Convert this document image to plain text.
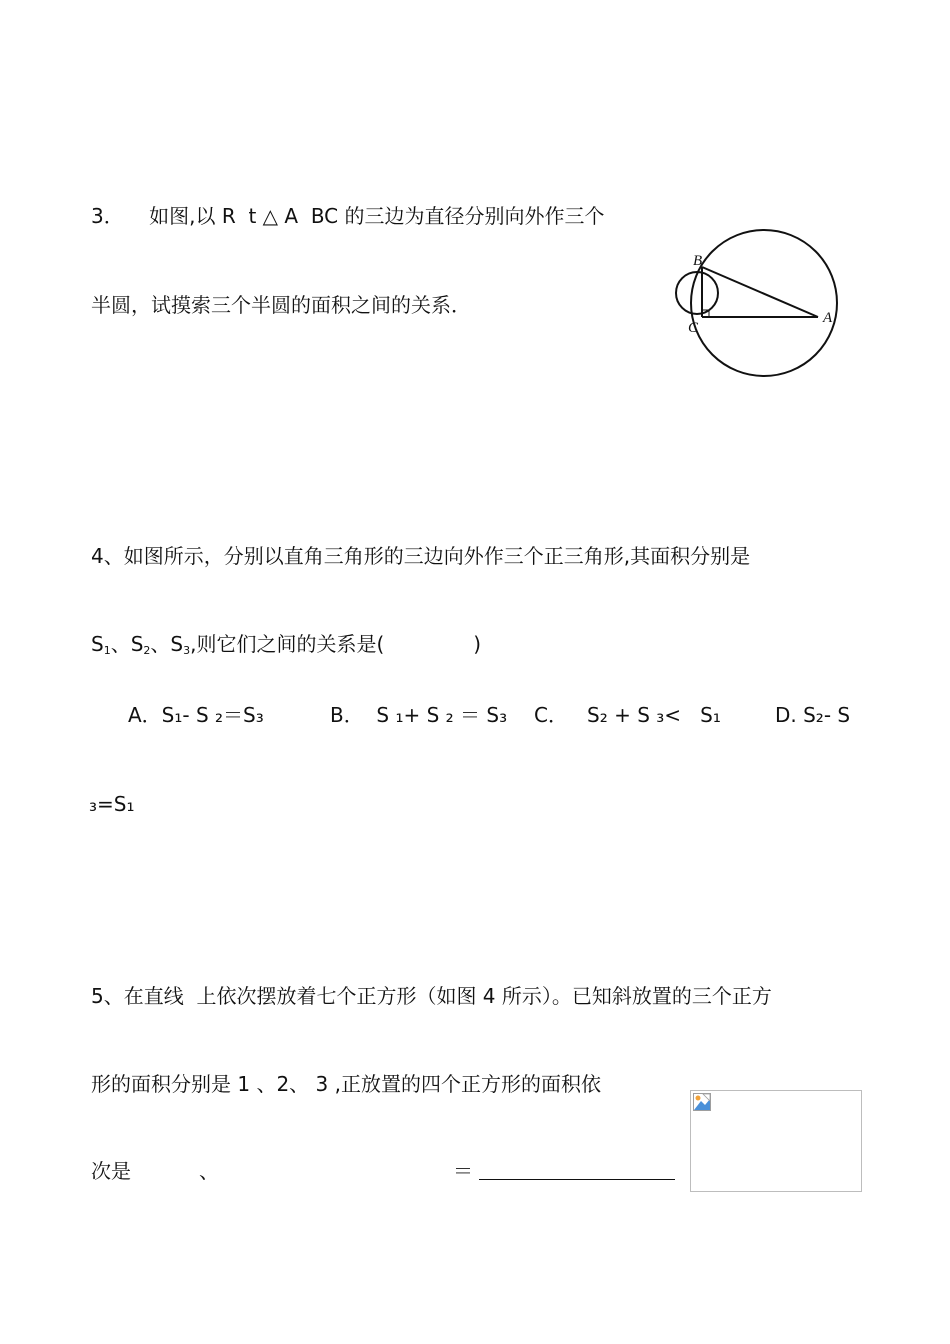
3．    如图,以 R  t △ A  BC 的三边为直径分别向外作三个
半圆，试摸索三个半圆的面积之间的关系．
B
C
A
4、如图所示，分别以直角三角形的三边向外作三个正三角形,其面积分别是
$S_1$、$S_2$、$S_3$,则它们之间的关系是(              )

A．S₁- S ₂＝S₃

	B．  S ₁+ S ₂ ＝ S₃

C．   S₂ + S ₃<   S₁

	D. S₂- S

₃=S₁
5、在直线  上依次摆放着七个正方形（如图 4 所示）。已知斜放置的三个正方
形的面积分别是 1 、2、 3 ,正放置的四个正方形的面积依
次是	、	＝
